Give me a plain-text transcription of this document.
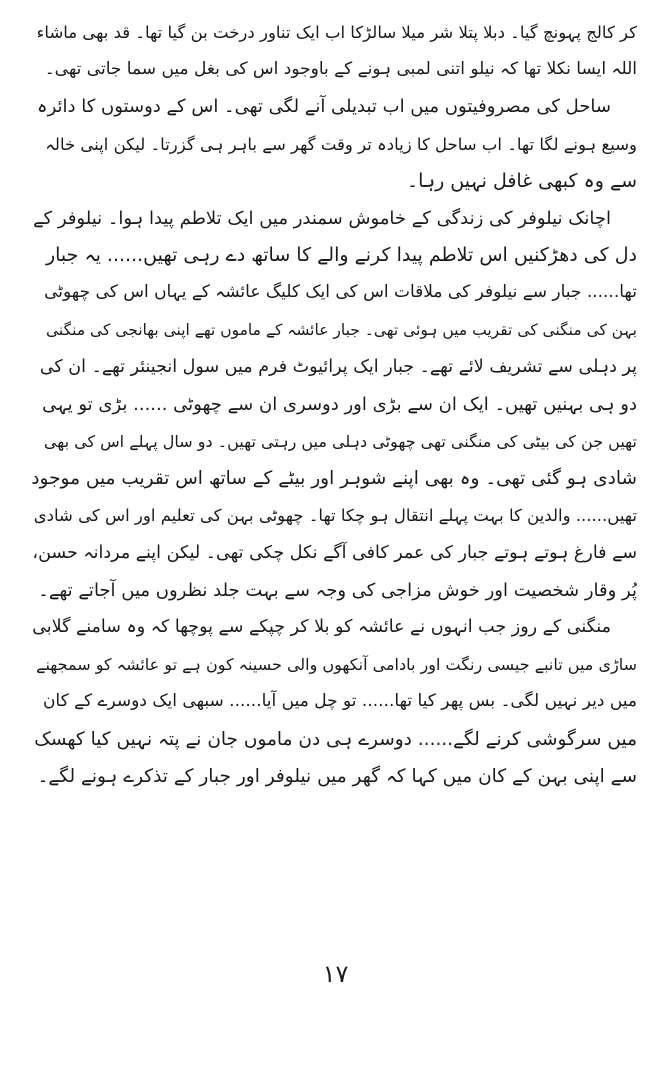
کر کالج پہونچ گیا۔ دبلا پتلا شر میلا سالڑکا اب ایک تناور درخت بن گیا تھا۔ قد بھی ماشاء
اللہ ایسا نکلا تھا کہ نیلو اتنی لمبی ہونے کے باوجود اس کی بغل میں سما جاتی تھی۔
ساحل کی مصروفیتوں میں اب تبدیلی آنے لگی تھی۔ اس کے دوستوں کا دائرہ
وسیع ہونے لگا تھا۔ اب ساحل کا زیادہ تر وقت گھر سے باہر ہی گزرتا۔ لیکن اپنی خالہ
سے وہ کبھی غافل نہیں رہا۔
اچانک نیلوفر کی زندگی کے خاموش سمندر میں ایک تلاطم پیدا ہوا۔ نیلوفر کے
دل کی دھڑکنیں اس تلاطم پیدا کرنے والے کا ساتھ دے رہی تھیں...... یہ جبار
تھا...... جبار سے نیلوفر کی ملاقات اس کی ایک کلیگ عائشہ کے یہاں اس کی چھوٹی
بہن کی منگنی کی تقریب میں ہوئی تھی۔ جبار عائشہ کے ماموں تھے اپنی بھانجی کی منگنی
پر دہلی سے تشریف لائے تھے۔ جبار ایک پرائیوٹ فرم میں سول انجینئر تھے۔ ان کی
دو ہی بہنیں تھیں۔ ایک ان سے بڑی اور دوسری ان سے چھوٹی ...... بڑی تو یہی
تھیں جن کی بیٹی کی منگنی تھی چھوٹی دہلی میں رہتی تھیں۔ دو سال پہلے اس کی بھی
شادی ہو گئی تھی۔ وہ بھی اپنے شوہر اور بیٹے کے ساتھ اس تقریب میں موجود
تھیں...... والدین کا بہت پہلے انتقال ہو چکا تھا۔ چھوٹی بہن کی تعلیم اور اس کی شادی
سے فارغ ہوتے ہوتے جبار کی عمر کافی آگے نکل چکی تھی۔ لیکن اپنے مردانہ حسن،
پُر وقار شخصیت اور خوش مزاجی کی وجہ سے بہت جلد نظروں میں آجاتے تھے۔
منگنی کے روز جب انہوں نے عائشہ کو بلا کر چپکے سے پوچھا کہ وہ سامنے گلابی
ساڑی میں تانبے جیسی رنگت اور بادامی آنکھوں والی حسینہ کون ہے تو عائشہ کو سمجھنے
میں دیر نہیں لگی۔ بس پھر کیا تھا...... تو چل میں آیا...... سبھی ایک دوسرے کے کان
میں سرگوشی کرنے لگے...... دوسرے ہی دن ماموں جان نے پتہ نہیں کیا کھسک
سے اپنی بہن کے کان میں کہا کہ گھر میں نیلوفر اور جبار کے تذکرے ہونے لگے۔
۱۷
